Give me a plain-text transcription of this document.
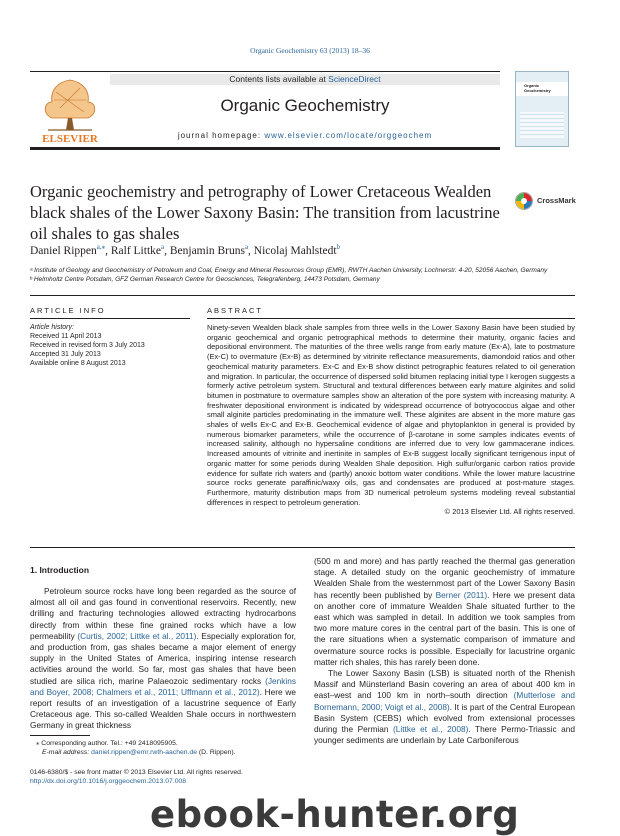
Organic Geochemistry 63 (2013) 18–36
ELSEVIER
Contents lists available at ScienceDirect
Organic Geochemistry
journal homepage: www.elsevier.com/locate/orggeochem
Organic Geochemistry
Organic geochemistry and petrography of Lower Cretaceous Wealden black shales of the Lower Saxony Basin: The transition from lacustrine oil shales to gas shales
CrossMark
Daniel Rippen$^{a,⁎}$, Ralf Littke$^a$, Benjamin Bruns$^a$, Nicolaj Mahlstedt$^b$
ᵃ Institute of Geology and Geochemistry of Petroleum and Coal, Energy and Mineral Resources Group (EMR), RWTH Aachen University, Lochnerstr. 4-20, 52056 Aachen, Germany
ᵇ Helmholtz Centre Potsdam, GFZ German Research Centre for Geosciences, Telegrafenberg, 14473 Potsdam, Germany
ARTICLE INFO
Article history:
Received 11 April 2013
Received in revised form 3 July 2013
Accepted 31 July 2013
Available online 8 August 2013
ABSTRACT
Ninety-seven Wealden black shale samples from three wells in the Lower Saxony Basin have been studied by organic geochemical and organic petrographical methods to determine their maturity, organic facies and depositional environment. The maturities of the three wells range from early mature (Ex-A), late to postmature (Ex-C) to overmature (Ex-B) as determined by vitrinite reflectance measurements, diamondoid ratios and other geochemical maturity parameters. Ex-C and Ex-B show distinct petrographic features related to oil generation and migration. In particular, the occurrence of dispersed solid bitumen replacing initial type I kerogen suggests a formerly active petroleum system. Structural and textural differences between early mature alginites and solid bitumen in postmature to overmature samples show an alteration of the pore system with increasing maturity. A freshwater depositional environment is indicated by widespread occurrence of botryococcus algae and other small alginite particles predominating in the immature well. These alginites are absent in the more mature gas shales of wells Ex-C and Ex-B. Geochemical evidence of algae and phytoplankton in general is provided by numerous biomarker parameters, while the occurrence of β-carotane in some samples indicates events of increased salinity, although no hypersaline conditions are inferred due to very low gammacerane indices. Increased amounts of vitrinite and inertinite in samples of Ex-B suggest locally significant terrigenous input of organic matter for some periods during Wealden Shale deposition. High sulfur/organic carbon ratios provide evidence for sulfate rich waters and (partly) anoxic bottom water conditions. While the lower mature lacustrine source rocks generate paraffinic/waxy oils, gas and condensates are produced at post-mature stages. Furthermore, maturity distribution maps from 3D numerical petroleum systems modeling reveal substantial differences in respect to petroleum generation.
© 2013 Elsevier Ltd. All rights reserved.
1. Introduction

Petroleum source rocks have long been regarded as the source of almost all oil and gas found in conventional reservoirs. Recently, new drilling and fracturing technologies allowed extracting hydrocarbons directly from within these fine grained rocks which have a low permeability (Curtis, 2002; Littke et al., 2011). Especially exploration for, and production from, gas shales became a major element of energy supply in the United States of America, inspiring intense research activities around the world. So far, most gas shales that have been studied are silica rich, marine Palaeozoic sedimentary rocks (Jenkins and Boyer, 2008; Chalmers et al., 2011; Uffmann et al., 2012). Here we report results of an investigation of a lacustrine sequence of Early Cretaceous age. This so-called Wealden Shale occurs in northwestern Germany in great thickness

(500 m and more) and has partly reached the thermal gas generation stage. A detailed study on the organic geochemistry of immature Wealden Shale from the westernmost part of the Lower Saxony Basin has recently been published by Berner (2011). Here we present data on another core of immature Wealden Shale situated further to the east which was sampled in detail. In addition we took samples from two more mature cores in the central part of the basin. This is one of the rare situations when a systematic comparison of immature and overmature source rocks is possible. Especially for lacustrine organic matter rich shales, this has rarely been done.

The Lower Saxony Basin (LSB) is situated north of the Rhenish Massif and Münsterland Basin covering an area of about 400 km in east–west and 100 km in north–south direction (Mutterlose and Bornemann, 2000; Voigt et al., 2008). It is part of the Central European Basin System (CEBS) which evolved from extensional processes during the Permian (Littke et al., 2008). There Permo-Triassic and younger sediments are underlain by Late Carboniferous

⁎ Corresponding author. Tel.: +49 2418095905.
E-mail address: daniel.rippen@emr.rwth-aachen.de (D. Rippen).
0146-6380/$ - see front matter © 2013 Elsevier Ltd. All rights reserved.
http://dx.doi.org/10.1016/j.orggeochem.2013.07.008
ebook-hunter.org
